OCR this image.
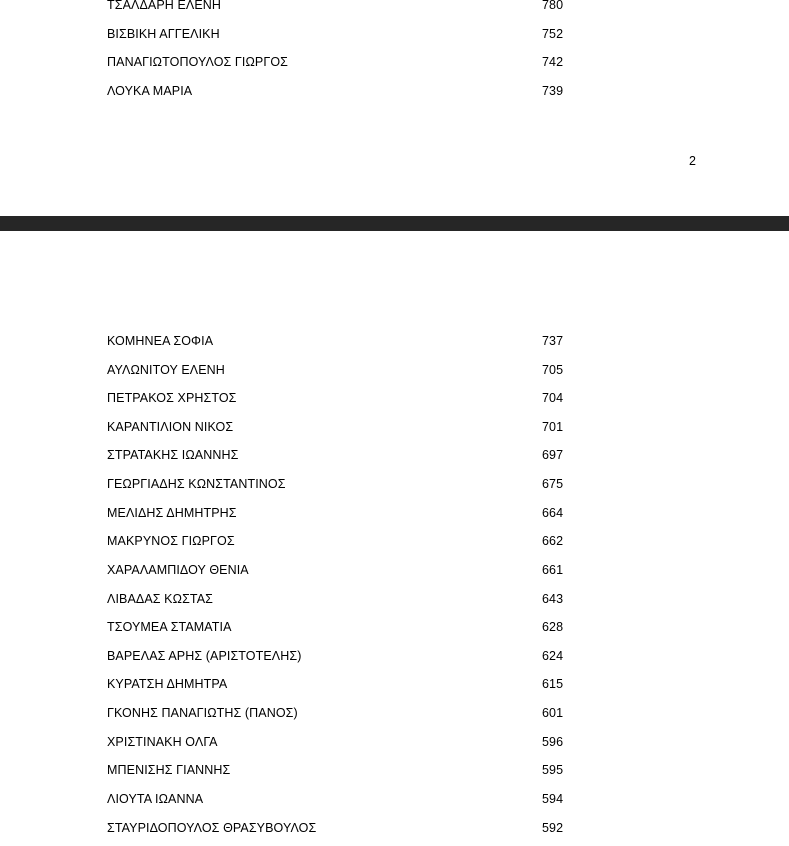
ΤΣΑΛΔΑΡΗ ΕΛΕΝΗ	780
ΒΙΣΒΙΚΗ ΑΓΓΕΛΙΚΗ	752
ΠΑΝΑΓΙΩΤΟΠΟΥΛΟΣ ΓΙΩΡΓΟΣ	742
ΛΟΥΚΑ ΜΑΡΙΑ	739
2
ΚΟΜΗΝΕΑ ΣΟΦΙΑ	737
ΑΥΛΩΝΙΤΟΥ ΕΛΕΝΗ	705
ΠΕΤΡΑΚΟΣ ΧΡΗΣΤΟΣ	704
ΚΑΡΑΝΤΙΛΙΟΝ ΝΙΚΟΣ	701
ΣΤΡΑΤΑΚΗΣ ΙΩΑΝΝΗΣ	697
ΓΕΩΡΓΙΑΔΗΣ ΚΩΝΣΤΑΝΤΙΝΟΣ	675
ΜΕΛΙΔΗΣ ΔΗΜΗΤΡΗΣ	664
ΜΑΚΡΥΝΟΣ ΓΙΩΡΓΟΣ	662
ΧΑΡΑΛΑΜΠΙΔΟΥ ΘΕΝΙΑ	661
ΛΙΒΑΔΑΣ ΚΩΣΤΑΣ	643
ΤΣΟΥΜΕΑ ΣΤΑΜΑΤΙΑ	628
ΒΑΡΕΛΑΣ ΑΡΗΣ (ΑΡΙΣΤΟΤΕΛΗΣ)	624
ΚΥΡΑΤΣΗ ΔΗΜΗΤΡΑ	615
ΓΚΟΝΗΣ ΠΑΝΑΓΙΩΤΗΣ (ΠΑΝΟΣ)	601
ΧΡΙΣΤΙΝΑΚΗ ΟΛΓΑ	596
ΜΠΕΝΙΣΗΣ ΓΙΑΝΝΗΣ	595
ΛΙΟΥΤΑ ΙΩΑΝΝΑ	594
ΣΤΑΥΡΙΔΟΠΟΥΛΟΣ ΘΡΑΣΥΒΟΥΛΟΣ	592
